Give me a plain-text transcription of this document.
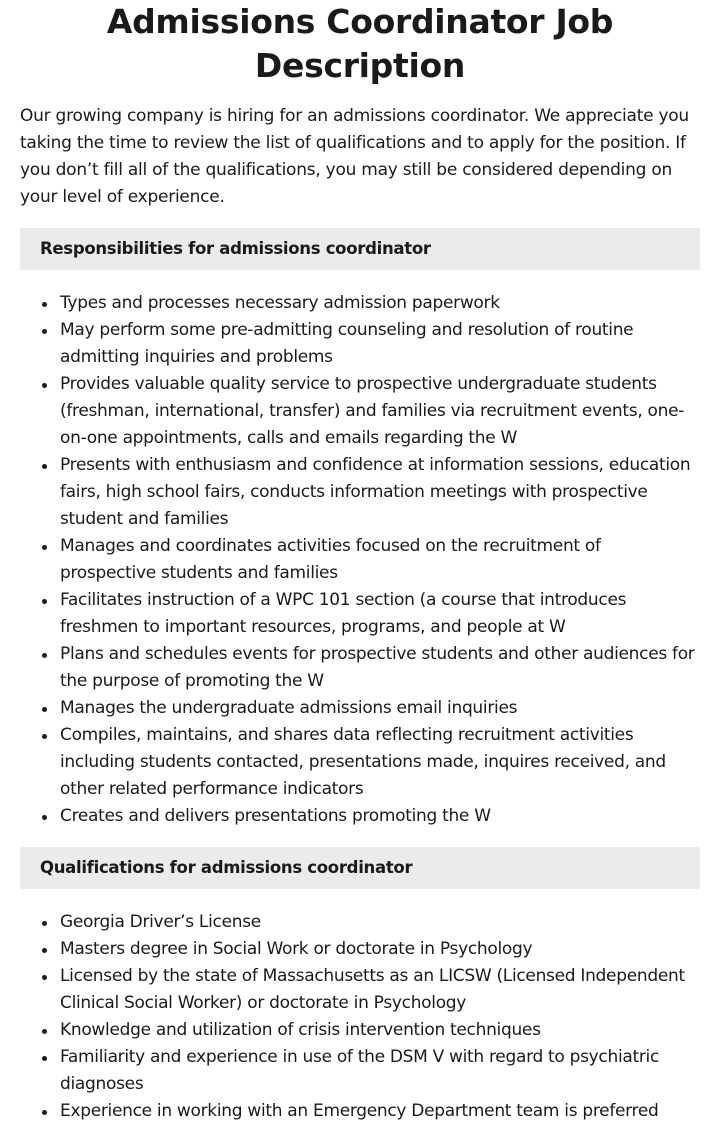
Admissions Coordinator Job Description

Our growing company is hiring for an admissions coordinator. We appreciate you taking the time to review the list of qualifications and to apply for the position. If you don’t fill all of the qualifications, you may still be considered depending on your level of experience.

Responsibilities for admissions coordinator
Types and processes necessary admission paperwork
May perform some pre-admitting counseling and resolution of routine admitting inquiries and problems
Provides valuable quality service to prospective undergraduate students (freshman, international, transfer) and families via recruitment events, one-on-one appointments, calls and emails regarding the W
Presents with enthusiasm and confidence at information sessions, education fairs, high school fairs, conducts information meetings with prospective student and families
Manages and coordinates activities focused on the recruitment of prospective students and families
Facilitates instruction of a WPC 101 section (a course that introduces freshmen to important resources, programs, and people at W
Plans and schedules events for prospective students and other audiences for the purpose of promoting the W
Manages the undergraduate admissions email inquiries
Compiles, maintains, and shares data reflecting recruitment activities including students contacted, presentations made, inquires received, and other related performance indicators
Creates and delivers presentations promoting the W
Qualifications for admissions coordinator
Georgia Driver’s License
Masters degree in Social Work or doctorate in Psychology
Licensed by the state of Massachusetts as an LICSW (Licensed Independent Clinical Social Worker) or doctorate in Psychology
Knowledge and utilization of crisis intervention techniques
Familiarity and experience in use of the DSM V with regard to psychiatric diagnoses
Experience in working with an Emergency Department team is preferred
